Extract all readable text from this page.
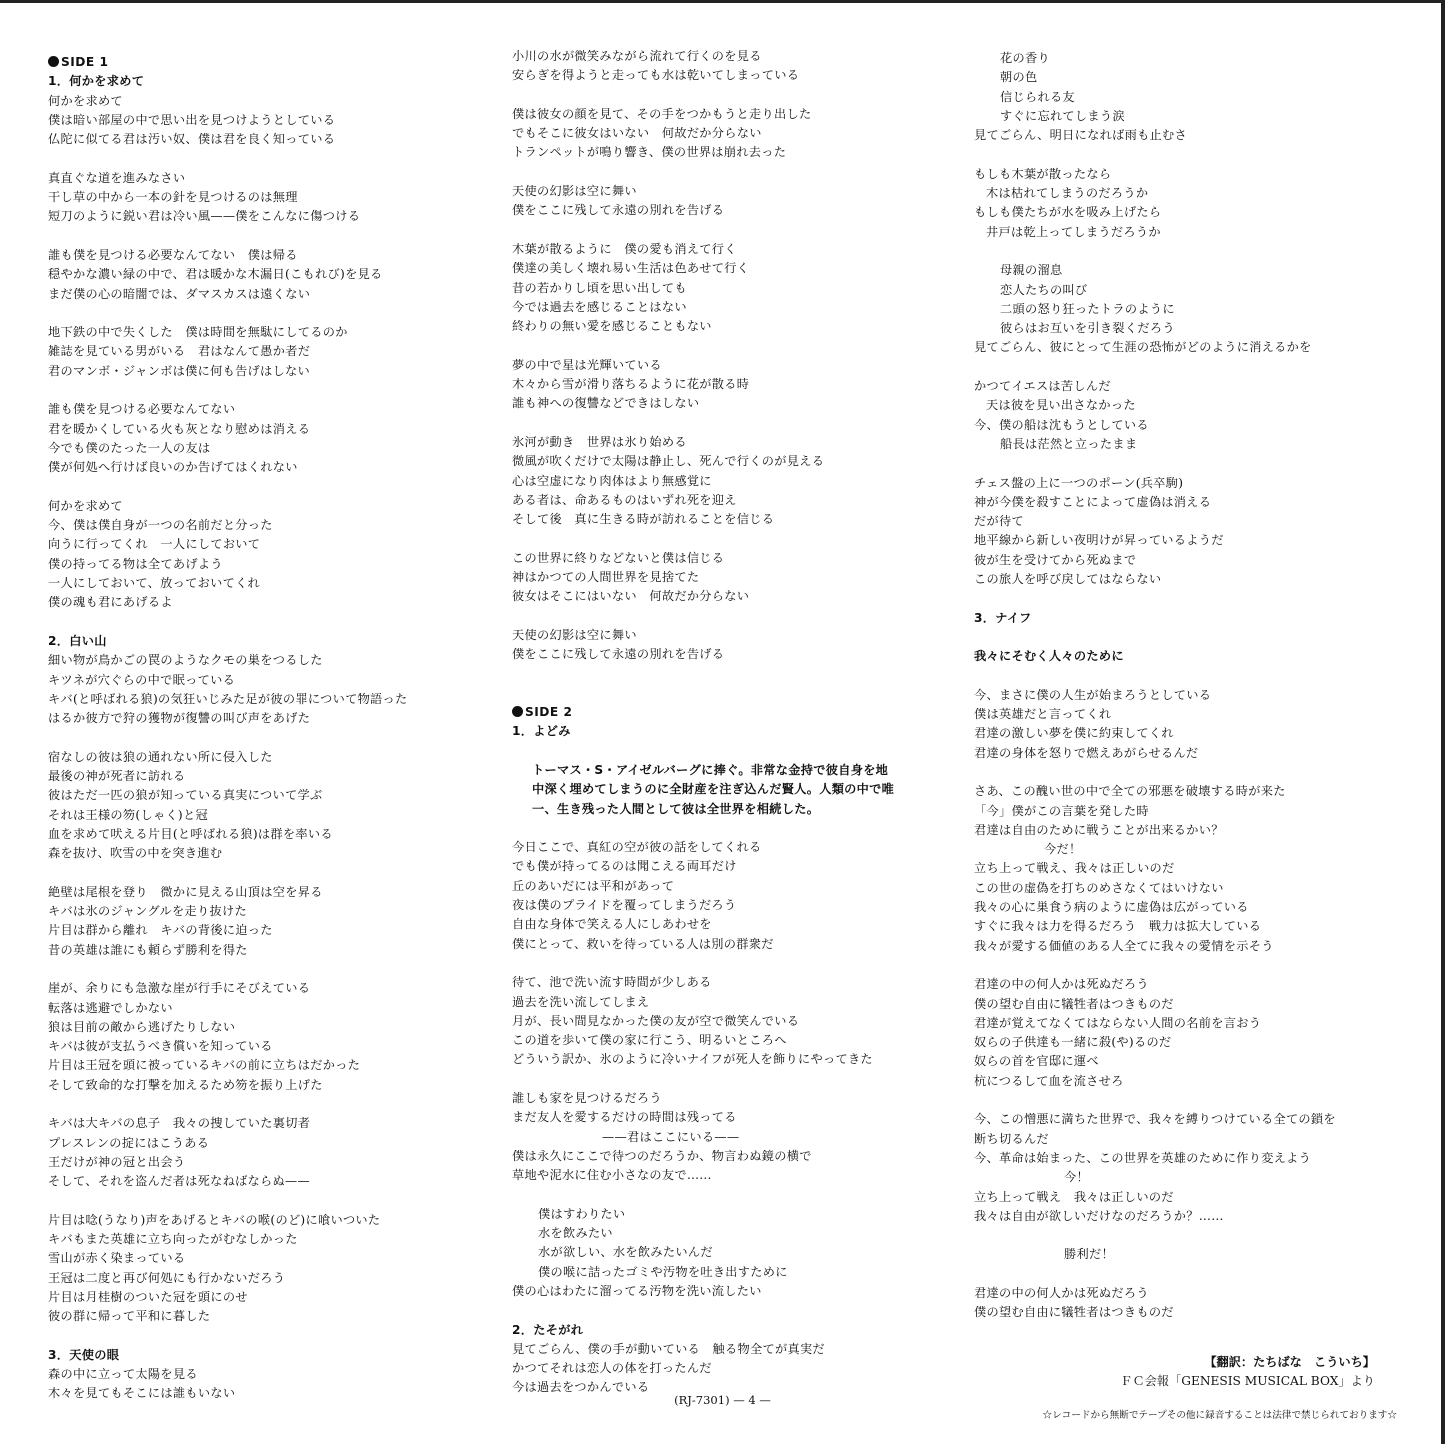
SIDE 1
1．何かを求めて
何かを求めて
僕は暗い部屋の中で思い出を見つけようとしている
仏陀に似てる君は汚い奴、僕は君を良く知っている
真直ぐな道を進みなさい
干し草の中から一本の針を見つけるのは無理
短刀のように鋭い君は冷い風——僕をこんなに傷つける
誰も僕を見つける必要なんてない　僕は帰る
穏やかな濃い緑の中で、君は暖かな木漏日(こもれび)を見る
まだ僕の心の暗闇では、ダマスカスは遠くない
地下鉄の中で失くした　僕は時間を無駄にしてるのか
雑誌を見ている男がいる　君はなんて愚か者だ
君のマンボ・ジャンボは僕に何も告げはしない
誰も僕を見つける必要なんてない
君を暖かくしている火も灰となり慰めは消える
今でも僕のたった一人の友は
僕が何処へ行けば良いのか告げてはくれない
何かを求めて
今、僕は僕自身が一つの名前だと分った
向うに行ってくれ　一人にしておいて
僕の持ってる物は全てあげよう
一人にしておいて、放っておいてくれ
僕の魂も君にあげるよ
2．白い山
細い物が鳥かごの罠のようなクモの巣をつるした
キツネが穴ぐらの中で眠っている
キバ(と呼ばれる狼)の気狂いじみた足が彼の罪について物語った
はるか彼方で狩の獲物が復讐の叫び声をあげた
宿なしの彼は狼の通れない所に侵入した
最後の神が死者に訪れる
彼はただ一匹の狼が知っている真実について学ぶ
それは王様の笏(しゃく)と冠
血を求めて吠える片目(と呼ばれる狼)は群を率いる
森を抜け、吹雪の中を突き進む
絶壁は尾根を登り　微かに見える山頂は空を昇る
キバは氷のジャングルを走り抜けた
片目は群から離れ　キバの背後に迫った
昔の英雄は誰にも頼らず勝利を得た
崖が、余りにも急激な崖が行手にそびえている
転落は逃避でしかない
狼は目前の敵から逃げたりしない
キバは彼が支払うべき償いを知っている
片目は王冠を頭に被っているキバの前に立ちはだかった
そして致命的な打撃を加えるため笏を振り上げた
キバは大キバの息子　我々の捜していた裏切者
プレスレンの掟にはこうある
王だけが神の冠と出会う
そして、それを盗んだ者は死なねばならぬ——
片目は唸(うなり)声をあげるとキバの喉(のど)に喰いついた
キバもまた英雄に立ち向ったがむなしかった
雪山が赤く染まっている
王冠は二度と再び何処にも行かないだろう
片目は月桂樹のついた冠を頭にのせ
彼の群に帰って平和に暮した
3．天使の眼
森の中に立って太陽を見る
木々を見てもそこには誰もいない
小川の水が微笑みながら流れて行くのを見る
安らぎを得ようと走っても水は乾いてしまっている
僕は彼女の顔を見て、その手をつかもうと走り出した
でもそこに彼女はいない　何故だか分らない
トランペットが鳴り響き、僕の世界は崩れ去った
天使の幻影は空に舞い
僕をここに残して永遠の別れを告げる
木葉が散るように　僕の愛も消えて行く
僕達の美しく壊れ易い生活は色あせて行く
昔の若かりし頃を思い出しても
今では過去を感じることはない
終わりの無い愛を感じることもない
夢の中で星は光輝いている
木々から雪が滑り落ちるように花が散る時
誰も神への復讐などできはしない
氷河が動き　世界は氷り始める
微風が吹くだけで太陽は静止し、死んで行くのが見える
心は空虚になり肉体はより無感覚に
ある者は、命あるものはいずれ死を迎え
そして後　真に生きる時が訪れることを信じる
この世界に終りなどないと僕は信じる
神はかつての人間世界を見捨てた
彼女はそこにはいない　何故だか分らない
天使の幻影は空に舞い
僕をここに残して永遠の別れを告げる
SIDE 2
1．よどみ
トーマス・S・アイゼルバーグに捧ぐ。非常な金持で彼自身を地
中深く埋めてしまうのに全財産を注ぎ込んだ賢人。人類の中で唯
一、生き残った人間として彼は全世界を相続した。
今日ここで、真紅の空が彼の話をしてくれる
でも僕が持ってるのは聞こえる両耳だけ
丘のあいだには平和があって
夜は僕のプライドを覆ってしまうだろう
自由な身体で笑える人にしあわせを
僕にとって、救いを待っている人は別の群衆だ
待て、池で洗い流す時間が少しある
過去を洗い流してしまえ
月が、長い間見なかった僕の友が空で微笑んでいる
この道を歩いて僕の家に行こう、明るいところへ
どういう訳か、氷のように冷いナイフが死人を飾りにやってきた
誰しも家を見つけるだろう
まだ友人を愛するだけの時間は残ってる
——君はここにいる——
僕は永久にここで待つのだろうか、物言わぬ鏡の横で
草地や泥水に住む小さなの友で……
僕はすわりたい
水を飲みたい
水が欲しい、水を飲みたいんだ
僕の喉に詰ったゴミや汚物を吐き出すために
僕の心はわたに溜ってる汚物を洗い流したい
2．たそがれ
見てごらん、僕の手が動いている　触る物全てが真実だ
かつてそれは恋人の体を打ったんだ
今は過去をつかんでいる
花の香り
朝の色
信じられる友
すぐに忘れてしまう涙
見てごらん、明日になれば雨も止むさ
もしも木葉が散ったなら
木は枯れてしまうのだろうか
もしも僕たちが水を吸み上げたら
井戸は乾上ってしまうだろうか
母親の溜息
恋人たちの叫び
二頭の怒り狂ったトラのように
彼らはお互いを引き裂くだろう
見てごらん、彼にとって生涯の恐怖がどのように消えるかを
かつてイエスは苦しんだ
天は彼を見い出さなかった
今、僕の船は沈もうとしている
船長は茫然と立ったまま
チェス盤の上に一つのポーン(兵卒駒)
神が今僕を殺すことによって虚偽は消える
だが待て
地平線から新しい夜明けが昇っているようだ
彼が生を受けてから死ぬまで
この旅人を呼び戻してはならない
3．ナイフ
我々にそむく人々のために
今、まさに僕の人生が始まろうとしている
僕は英雄だと言ってくれ
君達の激しい夢を僕に約束してくれ
君達の身体を怒りで燃えあがらせるんだ
さあ、この醜い世の中で全ての邪悪を破壊する時が来た
「今」僕がこの言葉を発した時
君達は自由のために戦うことが出来るかい？
今だ！
立ち上って戦え、我々は正しいのだ
この世の虚偽を打ちのめさなくてはいけない
我々の心に巣食う病のように虚偽は広がっている
すぐに我々は力を得るだろう　戦力は拡大している
我々が愛する価値のある人全てに我々の愛情を示そう
君達の中の何人かは死ぬだろう
僕の望む自由に犠牲者はつきものだ
君達が覚えてなくてはならない人間の名前を言おう
奴らの子供達も一緒に殺(や)るのだ
奴らの首を官邸に運べ
杭につるして血を流させろ
今、この憎悪に満ちた世界で、我々を縛りつけている全ての鎖を
断ち切るんだ
今、革命は始まった、この世界を英雄のために作り変えよう
今！
立ち上って戦え　我々は正しいのだ
我々は自由が欲しいだけなのだろうか？……
勝利だ！
君達の中の何人かは死ぬだろう
僕の望む自由に犠牲者はつきものだ
【翻訳：たちばな　こういち】
ＦＣ会報「GENESIS MUSICAL BOX」より
(RJ-7301) — 4 —
☆レコードから無断でテープその他に録音することは法律で禁じられております☆
